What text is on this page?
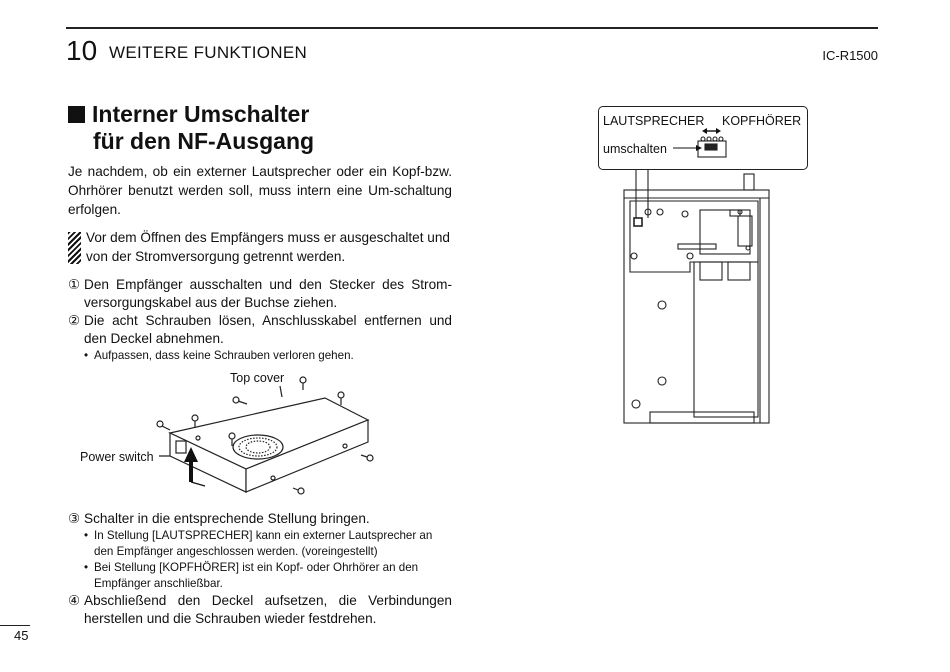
10 WEITERE FUNKTIONEN	IC-R1500
Interner Umschalter
für den NF-Ausgang
Je nachdem, ob ein externer Lautsprecher oder ein Kopf-bzw. Ohrhörer benutzt werden soll, muss intern eine Um-schaltung erfolgen.
Vor dem Öffnen des Empfängers muss er ausgeschaltet und von der Stromversorgung getrennt werden.
① Den Empfänger ausschalten und den Stecker des Strom-versorgungskabel aus der Buchse ziehen.
② Die acht Schrauben lösen, Anschlusskabel entfernen und den Deckel abnehmen.
• Aufpassen, dass keine Schrauben verloren gehen.
Top cover
Power switch
③ Schalter in die entsprechende Stellung bringen.
• In Stellung [LAUTSPRECHER] kann ein externer Lautsprecher an den Empfänger angeschlossen werden. (voreingestellt)
• Bei Stellung [KOPFHÖRER] ist ein Kopf- oder Ohrhörer an den Empfänger anschließbar.
④ Abschließend den Deckel aufsetzen, die Verbindungen herstellen und die Schrauben wieder festdrehen.
LAUTSPRECHER KOPFHÖRER
umschalten
45
